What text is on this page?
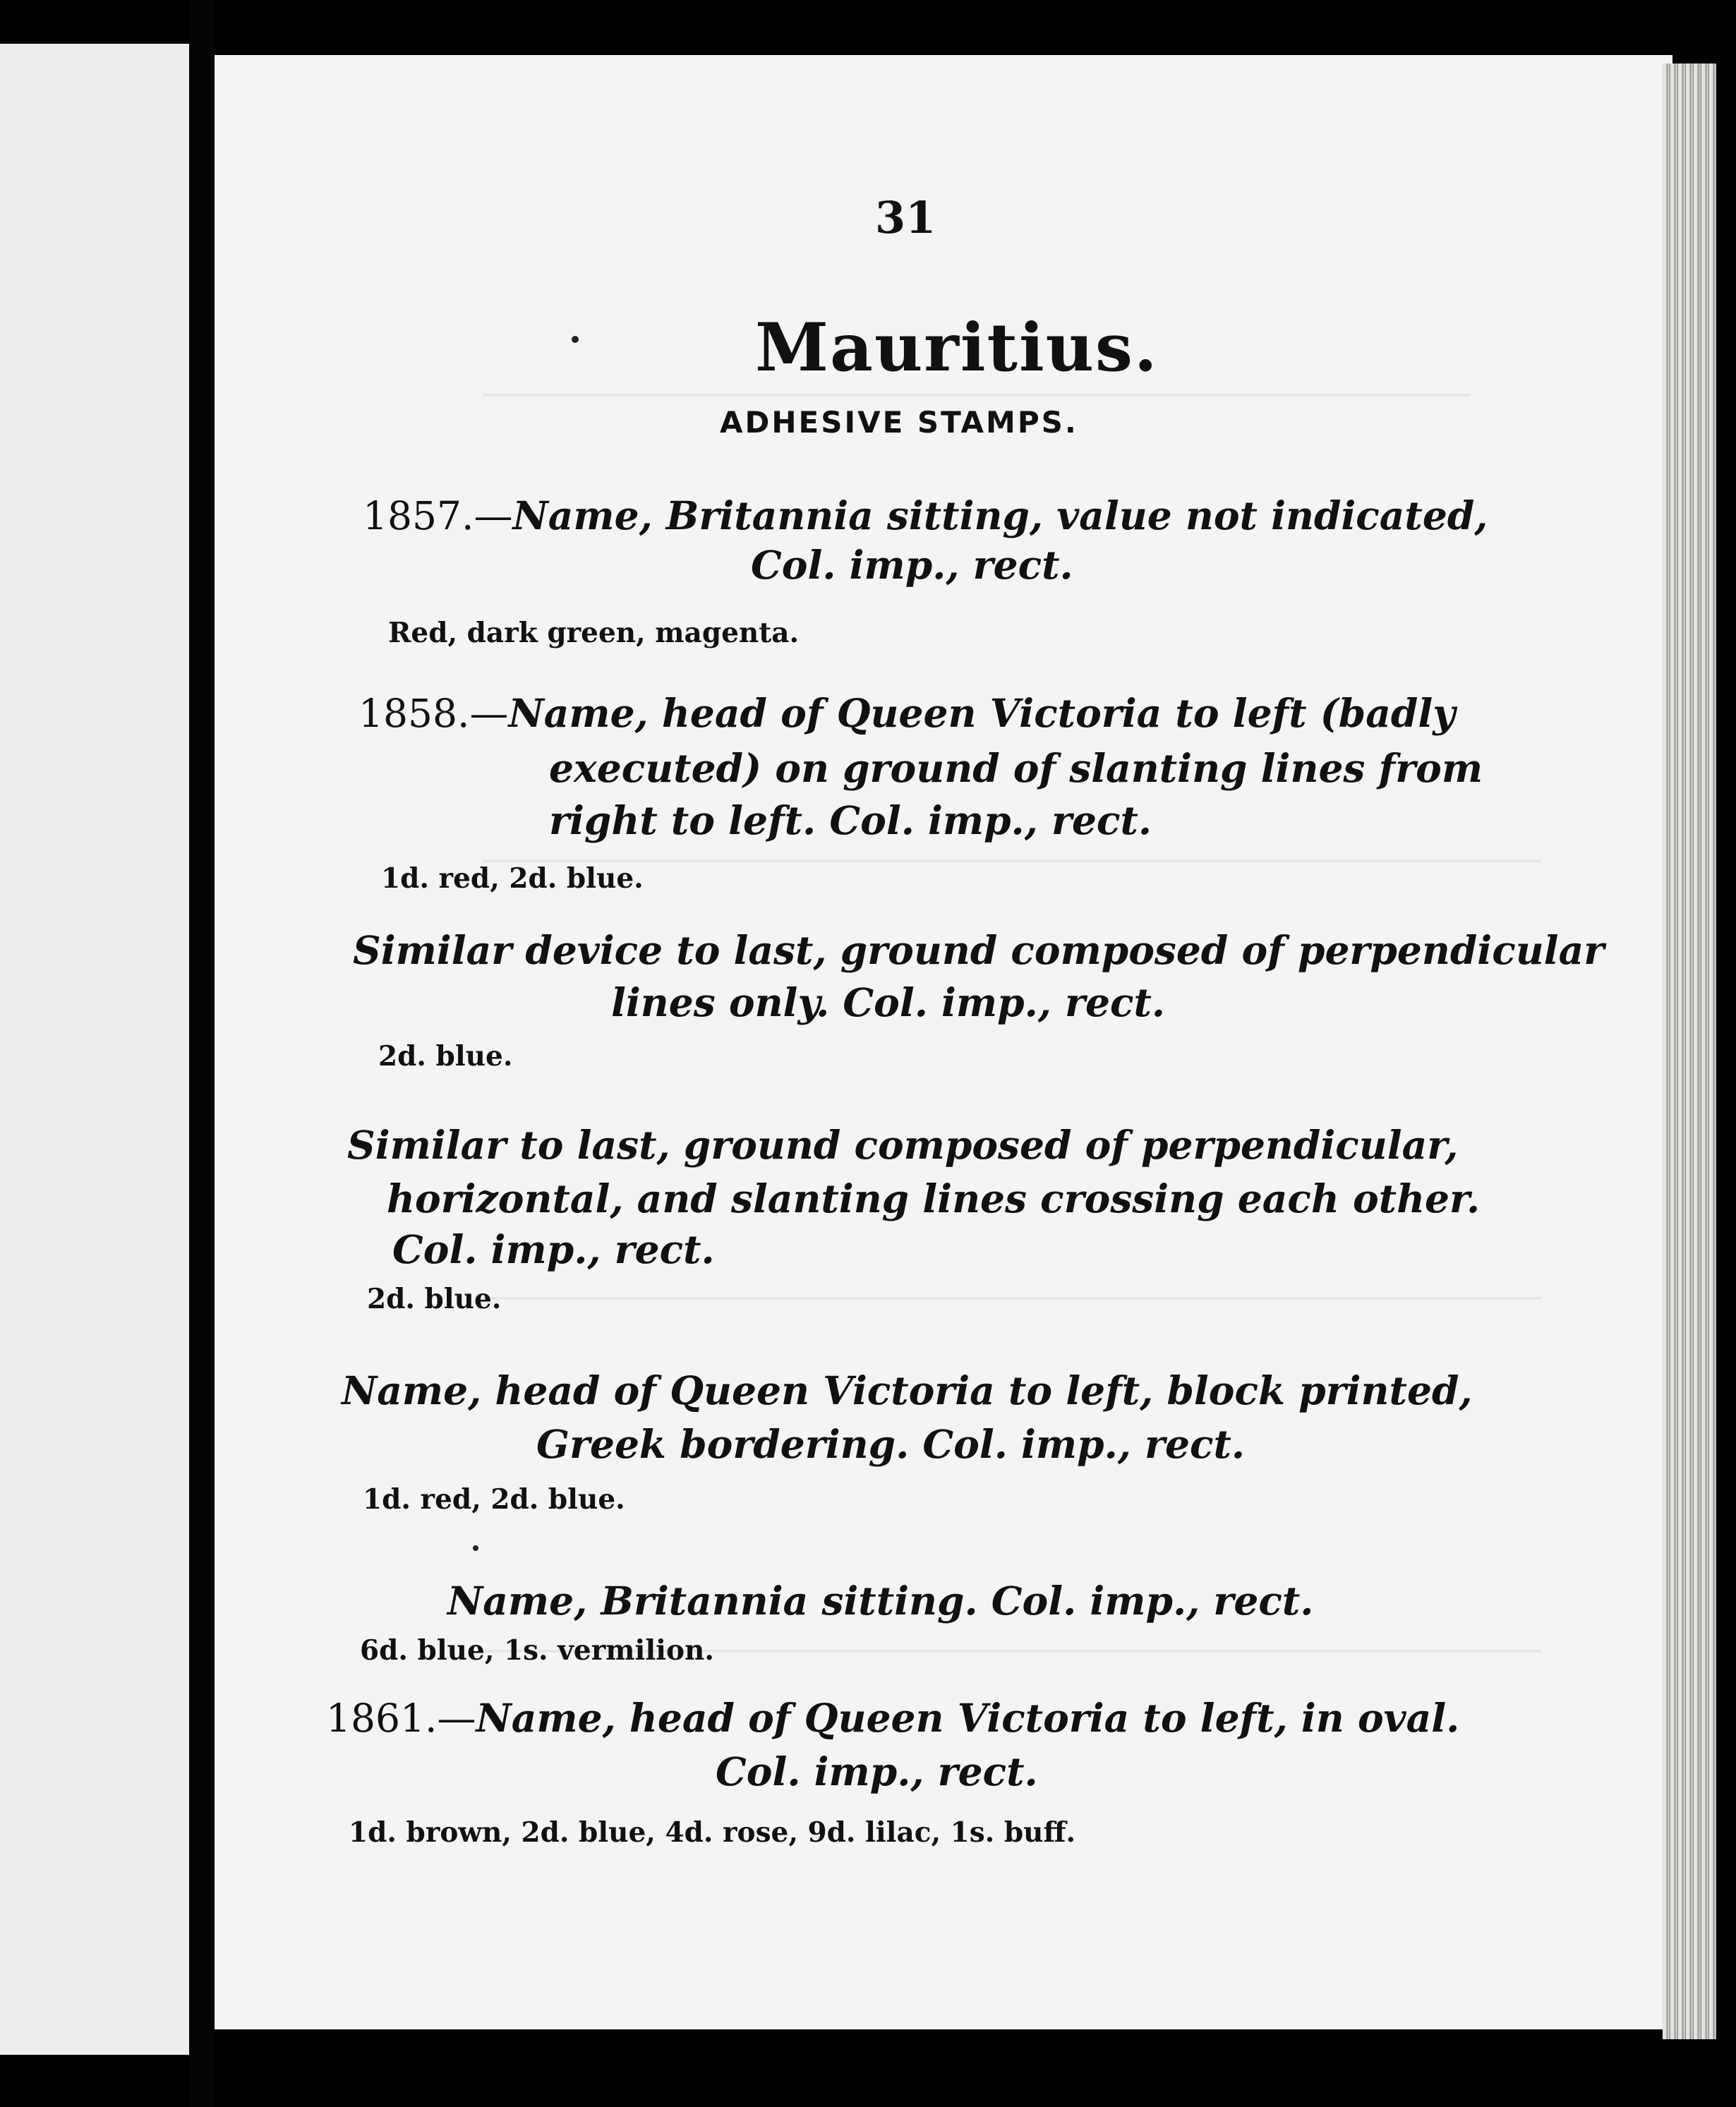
31
Mauritius.
ADHESIVE STAMPS.
1857.—Name, Britannia sitting, value not indicated,
Col. imp., rect.
Red, dark green, magenta.
1858.—Name, head of Queen Victoria to left (badly
executed) on ground of slanting lines from
right to left. Col. imp., rect.
1d. red, 2d. blue.
Similar device to last, ground composed of perpendicular
lines only. Col. imp., rect.
2d. blue.
Similar to last, ground composed of perpendicular,
horizontal, and slanting lines crossing each other.
Col. imp., rect.
2d. blue.
Name, head of Queen Victoria to left, block printed,
Greek bordering. Col. imp., rect.
1d. red, 2d. blue.
Name, Britannia sitting. Col. imp., rect.
6d. blue, 1s. vermilion.
1861.—Name, head of Queen Victoria to left, in oval.
Col. imp., rect.
1d. brown, 2d. blue, 4d. rose, 9d. lilac, 1s. buff.
